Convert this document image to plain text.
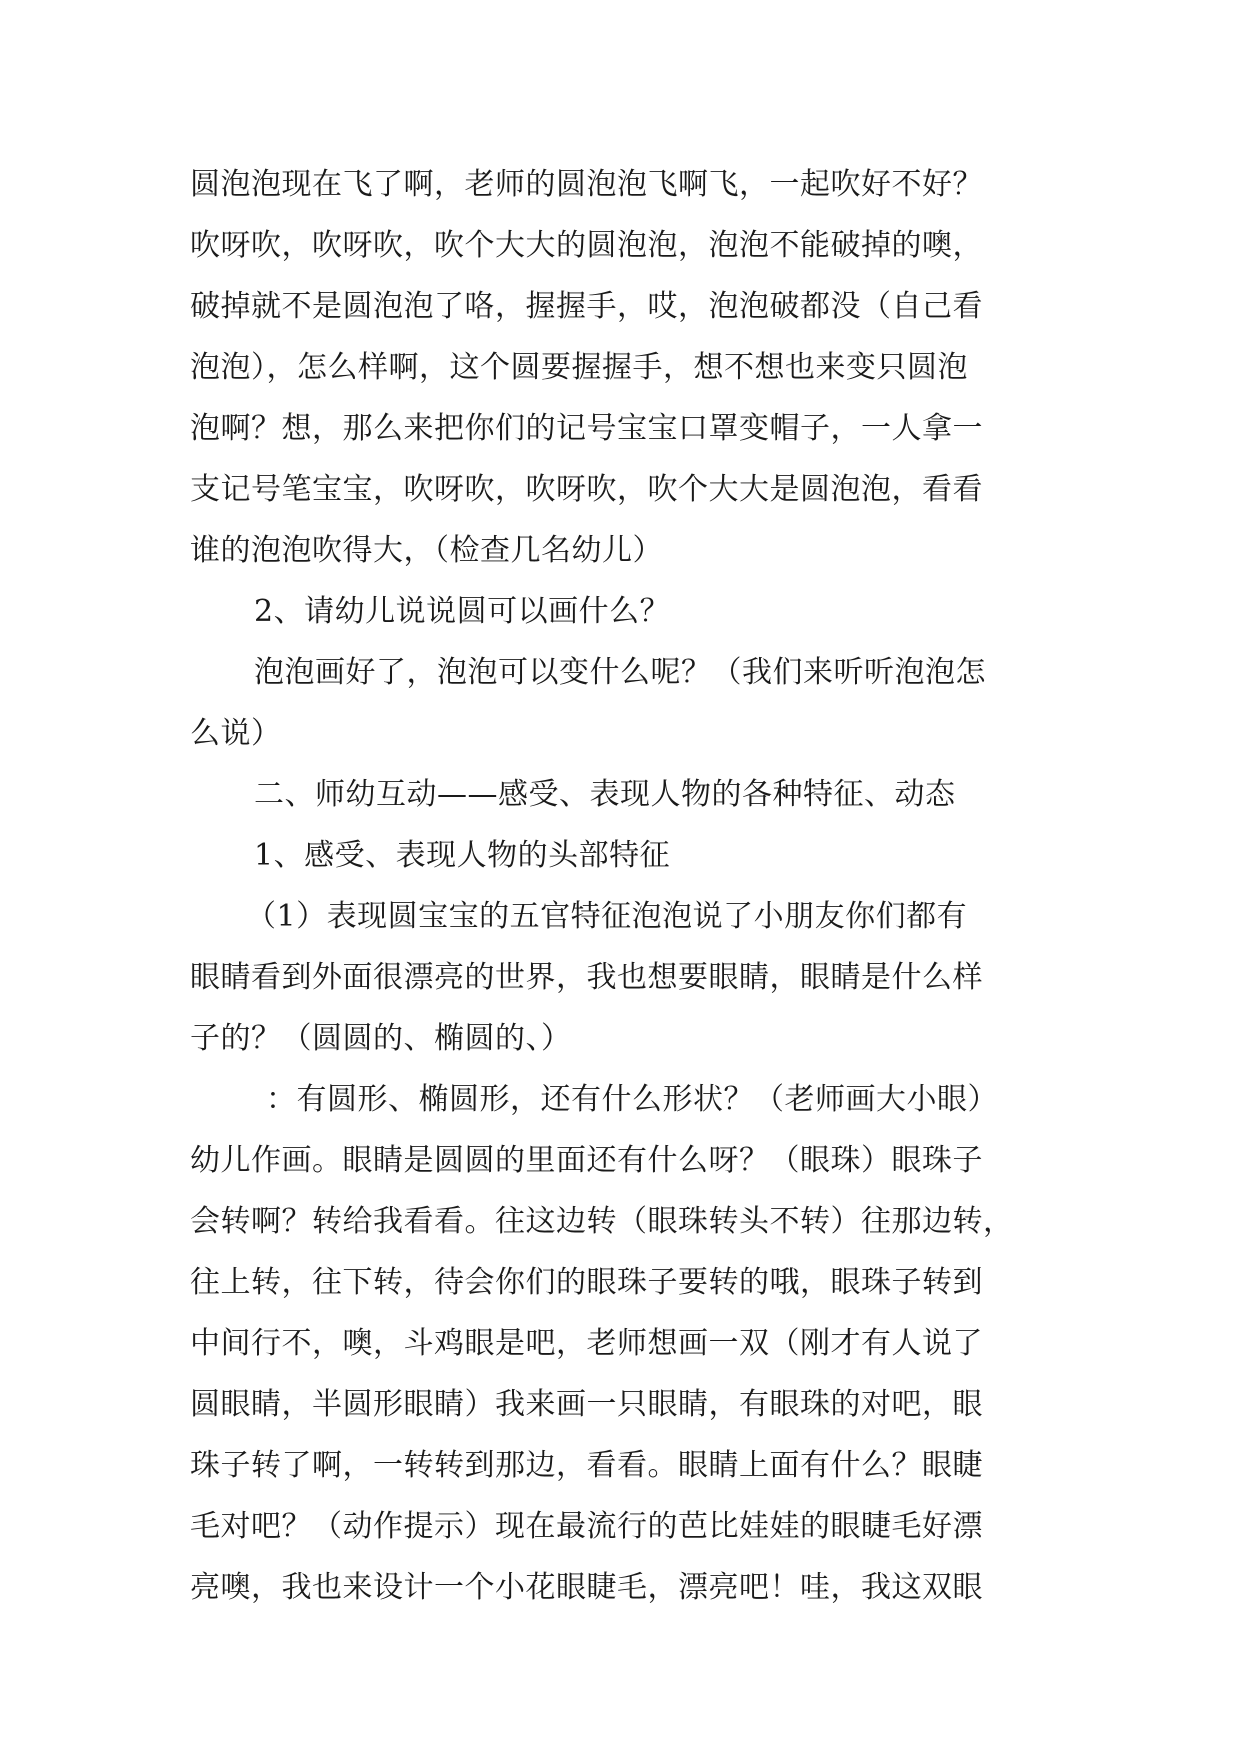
圆泡泡现在飞了啊，老师的圆泡泡飞啊飞，一起吹好不好？
吹呀吹，吹呀吹，吹个大大的圆泡泡，泡泡不能破掉的噢，
破掉就不是圆泡泡了咯，握握手，哎，泡泡破都没（自己看
泡泡），怎么样啊，这个圆要握握手，想不想也来变只圆泡
泡啊？想，那么来把你们的记号宝宝口罩变帽子，一人拿一
支记号笔宝宝，吹呀吹，吹呀吹，吹个大大是圆泡泡，看看
谁的泡泡吹得大，（检查几名幼儿）
2、请幼儿说说圆可以画什么？
泡泡画好了，泡泡可以变什么呢？（我们来听听泡泡怎
么说）
二、师幼互动——感受、表现人物的各种特征、动态
1、感受、表现人物的头部特征
（1）表现圆宝宝的五官特征泡泡说了小朋友你们都有
眼睛看到外面很漂亮的世界，我也想要眼睛，眼睛是什么样
子的？（圆圆的、椭圆的、）
：有圆形、椭圆形，还有什么形状？（老师画大小眼）
幼儿作画。眼睛是圆圆的里面还有什么呀？（眼珠）眼珠子
会转啊？转给我看看。往这边转（眼珠转头不转）往那边转，
往上转，往下转，待会你们的眼珠子要转的哦，眼珠子转到
中间行不，噢，斗鸡眼是吧，老师想画一双（刚才有人说了
圆眼睛，半圆形眼睛）我来画一只眼睛，有眼珠的对吧，眼
珠子转了啊，一转转到那边，看看。眼睛上面有什么？眼睫
毛对吧？（动作提示）现在最流行的芭比娃娃的眼睫毛好漂
亮噢，我也来设计一个小花眼睫毛，漂亮吧！哇，我这双眼
